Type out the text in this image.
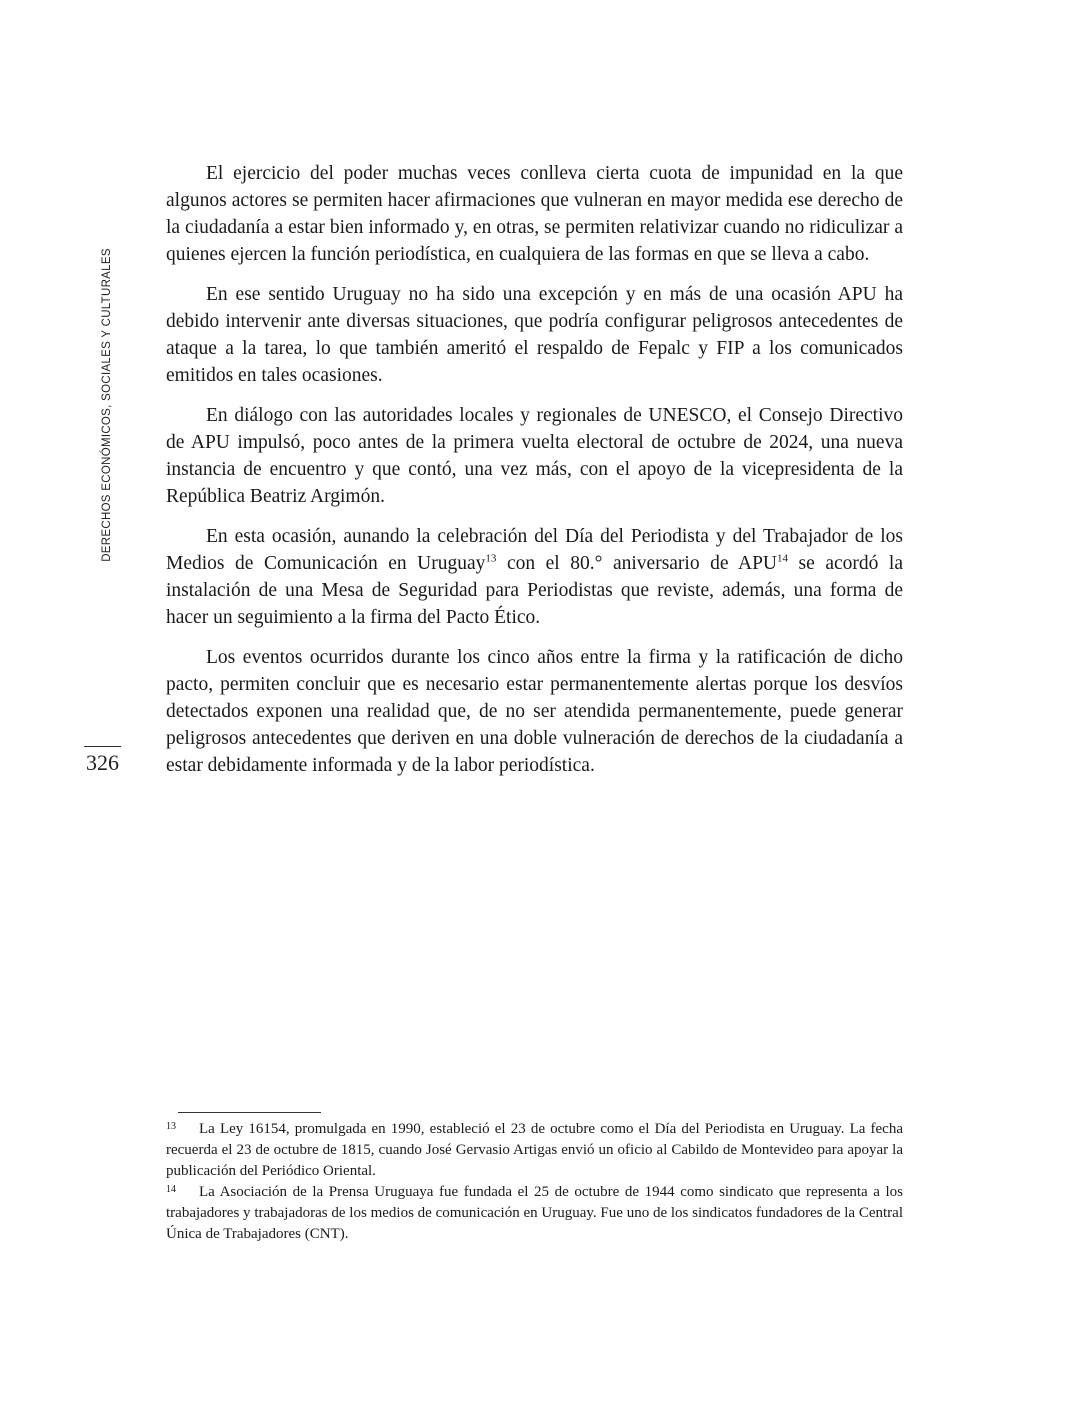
DERECHOS ECONÓMICOS, SOCIALES Y CULTURALES
326

El ejercicio del poder muchas veces conlleva cierta cuota de impunidad en la que algunos actores se permiten hacer afirmaciones que vulneran en mayor medida ese derecho de la ciudadanía a estar bien informado y, en otras, se permiten relativizar cuando no ridiculizar a quienes ejercen la función periodística, en cualquiera de las formas en que se lleva a cabo.

En ese sentido Uruguay no ha sido una excepción y en más de una ocasión APU ha debido intervenir ante diversas situaciones, que podría configurar peligrosos antecedentes de ataque a la tarea, lo que también ameritó el respaldo de Fepalc y FIP a los comunicados emitidos en tales ocasiones.

En diálogo con las autoridades locales y regionales de UNESCO, el Consejo Directivo de APU impulsó, poco antes de la primera vuelta electoral de octubre de 2024, una nueva instancia de encuentro y que contó, una vez más, con el apoyo de la vicepresidenta de la República Beatriz Argimón.

En esta ocasión, aunando la celebración del Día del Periodista y del Trabajador de los Medios de Comunicación en Uruguay$^{13}$ con el 80.° aniversario de APU$^{14}$ se acordó la instalación de una Mesa de Seguridad para Periodistas que reviste, además, una forma de hacer un seguimiento a la firma del Pacto Ético.

Los eventos ocurridos durante los cinco años entre la firma y la ratificación de dicho pacto, permiten concluir que es necesario estar permanentemente alertas porque los desvíos detectados exponen una realidad que, de no ser atendida permanentemente, puede generar peligrosos antecedentes que deriven en una doble vulneración de derechos de la ciudadanía a estar debidamente informada y de la labor periodística.

13 La Ley 16154, promulgada en 1990, estableció el 23 de octubre como el Día del Periodista en Uruguay. La fecha recuerda el 23 de octubre de 1815, cuando José Gervasio Artigas envió un oficio al Cabildo de Montevideo para apoyar la publicación del Periódico Oriental.

14 La Asociación de la Prensa Uruguaya fue fundada el 25 de octubre de 1944 como sindicato que representa a los trabajadores y trabajadoras de los medios de comunicación en Uruguay. Fue uno de los sindicatos fundadores de la Central Única de Trabajadores (CNT).
